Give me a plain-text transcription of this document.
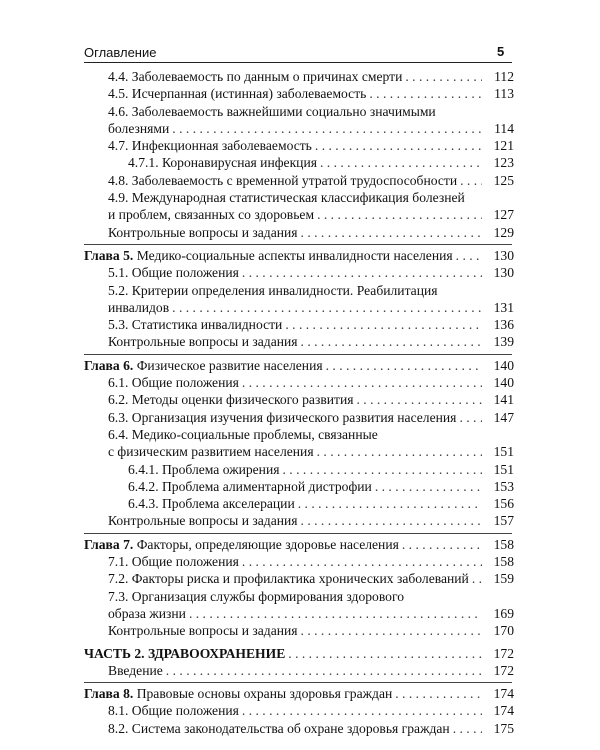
Оглавление	5
4.4. Заболеваемость по данным о причинах смерти . . .	112
4.5. Исчерпанная (истинная) заболеваемость . . .	113
4.6. Заболеваемость важнейшими социально значимыми
болезнями . . .	114
4.7. Инфекционная заболеваемость . . .	121
4.7.1. Коронавирусная инфекция . . .	123
4.8. Заболеваемость с временной утратой трудоспособности . . .	125
4.9. Международная статистическая классификация болезней
и проблем, связанных со здоровьем . . .	127
Контрольные вопросы и задания . . .	129
Глава 5. Медико-социальные аспекты инвалидности населения . . .	130
5.1. Общие положения . . .	130
5.2. Критерии определения инвалидности. Реабилитация
инвалидов . . .	131
5.3. Статистика инвалидности . . .	136
Контрольные вопросы и задания . . .	139
Глава 6. Физическое развитие населения . . .	140
6.1. Общие положения . . .	140
6.2. Методы оценки физического развития . . .	141
6.3. Организация изучения физического развития населения . . .	147
6.4. Медико-социальные проблемы, связанные
с физическим развитием населения . . .	151
6.4.1. Проблема ожирения . . .	151
6.4.2. Проблема алиментарной дистрофии . . .	153
6.4.3. Проблема акселерации . . .	156
Контрольные вопросы и задания . . .	157
Глава 7. Факторы, определяющие здоровье населения . . .	158
7.1. Общие положения . . .	158
7.2. Факторы риска и профилактика хронических заболеваний . . .	159
7.3. Организация службы формирования здорового
образа жизни . . .	169
Контрольные вопросы и задания . . .	170
ЧАСТЬ 2. ЗДРАВООХРАНЕНИЕ . . .	172
Введение . . .	172
Глава 8. Правовые основы охраны здоровья граждан . . .	174
8.1. Общие положения . . .	174
8.2. Система законодательства об охране здоровья граждан . . .	175
